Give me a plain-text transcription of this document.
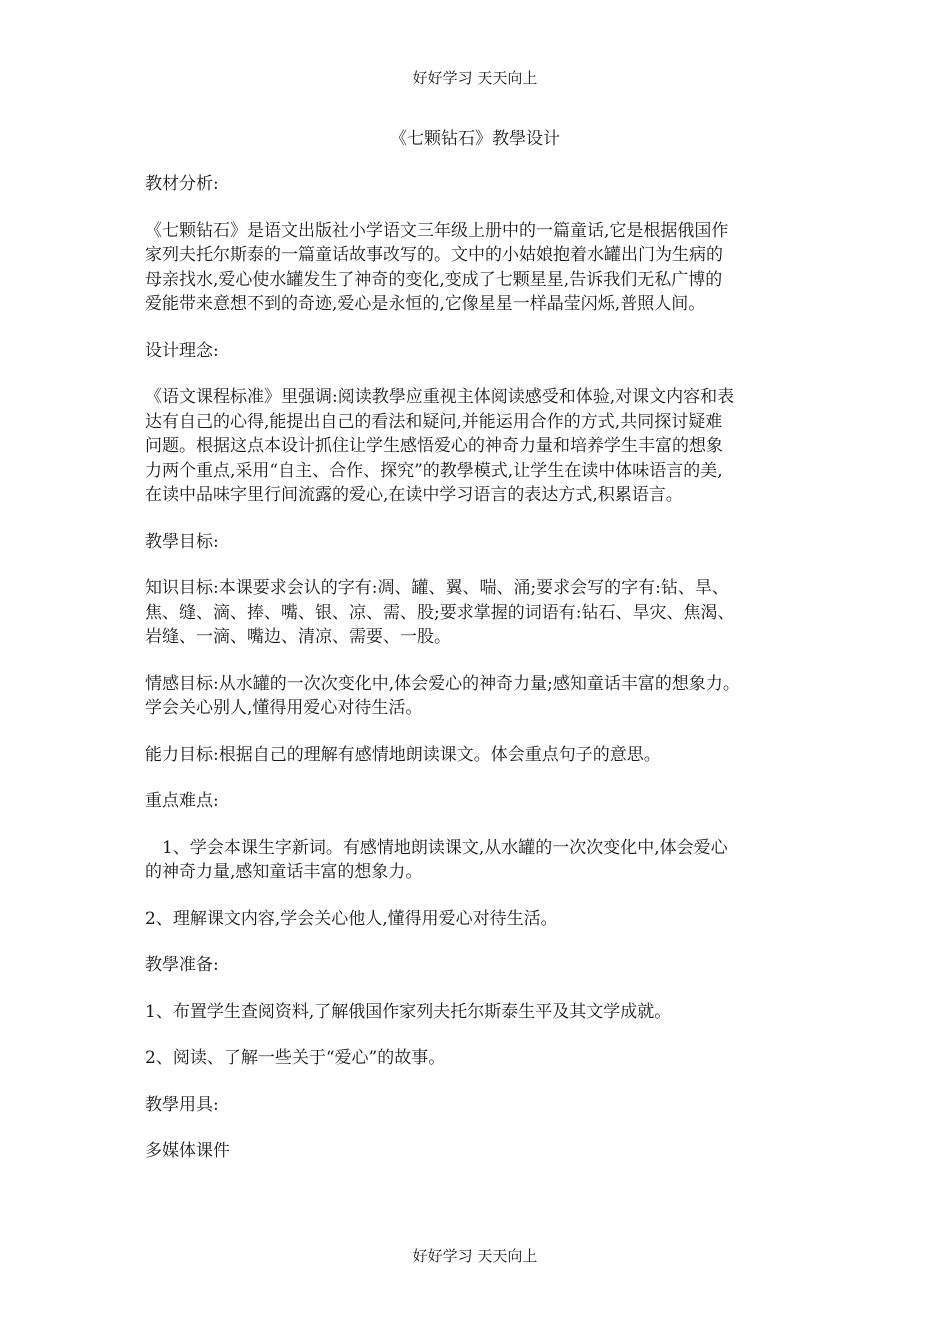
好好学习 天天向上
《七颗钻石》教學设计

教材分析:

《七颗钻石》是语文出版社小学语文三年级上册中的一篇童话,它是根据俄国作
家列夫托尔斯泰的一篇童话故事改写的。文中的小姑娘抱着水罐出门为生病的
母亲找水,爱心使水罐发生了神奇的变化,变成了七颗星星,告诉我们无私广博的
爱能带来意想不到的奇迹,爱心是永恒的,它像星星一样晶莹闪烁,普照人间。

设计理念:

《语文课程标准》里强调:阅读教學应重视主体阅读感受和体验,对课文内容和表
达有自己的心得,能提出自己的看法和疑问,并能运用合作的方式,共同探讨疑难
问题。根据这点本设计抓住让学生感悟爱心的神奇力量和培养学生丰富的想象
力两个重点,采用“自主、合作、探究”的教學模式,让学生在读中体味语言的美,
在读中品味字里行间流露的爱心,在读中学习语言的表达方式,积累语言。

教學目标:

知识目标:本课要求会认的字有:凋、罐、翼、喘、涌;要求会写的字有:钻、旱、
焦、缝、滴、捧、嘴、银、凉、需、股;要求掌握的词语有:钻石、旱灾、焦渴、
岩缝、一滴、嘴边、清凉、需要、一股。

情感目标:从水罐的一次次变化中,体会爱心的神奇力量;感知童话丰富的想象力。
学会关心别人,懂得用爱心对待生活。

能力目标:根据自己的理解有感情地朗读课文。体会重点句子的意思。

重点难点:

1、学会本课生字新词。有感情地朗读课文,从水罐的一次次变化中,体会爱心
的神奇力量,感知童话丰富的想象力。

2、理解课文内容,学会关心他人,懂得用爱心对待生活。

教學准备:

1、布置学生查阅资料,了解俄国作家列夫托尔斯泰生平及其文学成就。

2、阅读、了解一些关于“爱心”的故事。

教學用具:

多媒体课件

好好学习 天天向上
